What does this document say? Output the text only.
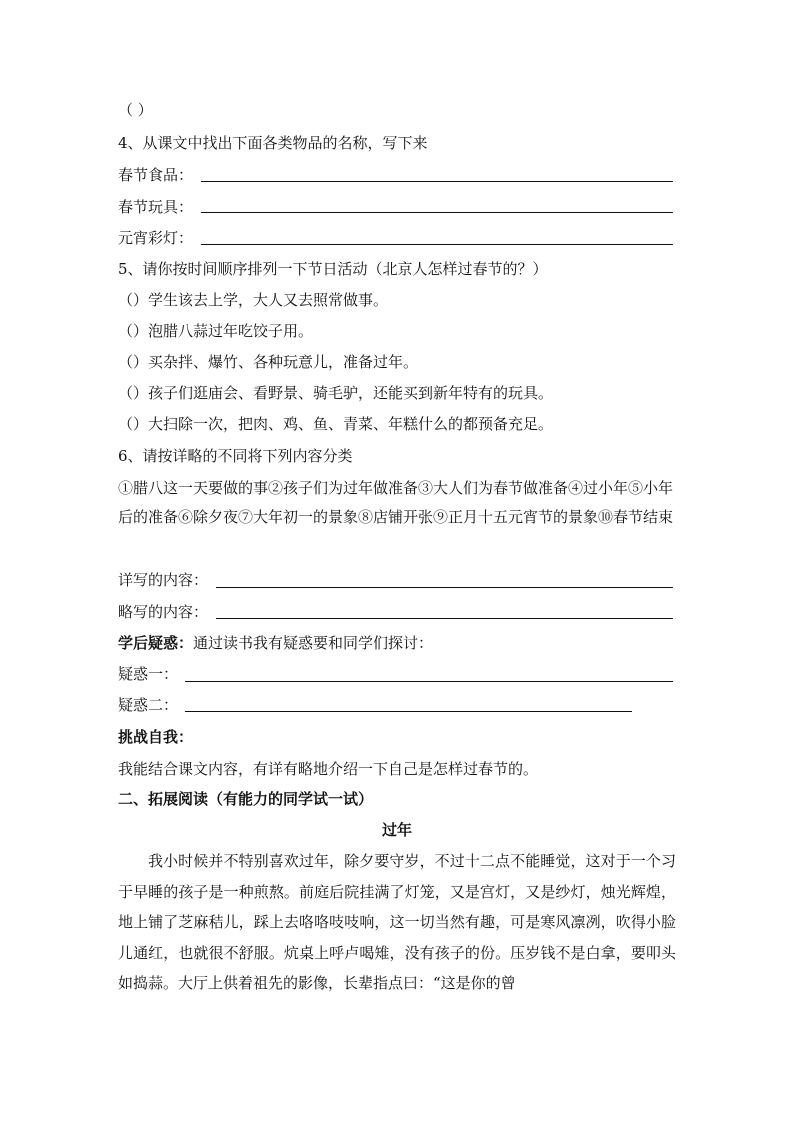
（ ）
4、从课文中找出下面各类物品的名称，写下来
春节食品：
春节玩具：
元宵彩灯：
5、请你按时间顺序排列一下节日活动（北京人怎样过春节的？）
（）学生该去上学，大人又去照常做事。
（）泡腊八蒜过年吃饺子用。
（）买杂拌、爆竹、各种玩意儿，准备过年。
（）孩子们逛庙会、看野景、骑毛驴，还能买到新年特有的玩具。
（）大扫除一次，把肉、鸡、鱼、青菜、年糕什么的都预备充足。
6、请按详略的不同将下列内容分类

①腊八这一天要做的事②孩子们为过年做准备③大人们为春节做准备④过小年⑤小年后的准备⑥除夕夜⑦大年初一的景象⑧店铺开张⑨正月十五元宵节的景象⑩春节结束

详写的内容：
略写的内容：
学后疑惑：通过读书我有疑惑要和同学们探讨：
疑惑一：
疑惑二：
挑战自我：
我能结合课文内容，有详有略地介绍一下自己是怎样过春节的。
二、拓展阅读（有能力的同学试一试）
过年

我小时候并不特别喜欢过年，除夕要守岁，不过十二点不能睡觉，这对于一个习于早睡的孩子是一种煎熬。前庭后院挂满了灯笼，又是宫灯，又是纱灯，烛光辉煌，地上铺了芝麻秸儿，踩上去咯咯吱吱响，这一切当然有趣，可是寒风凛冽，吹得小脸儿通红，也就很不舒服。炕桌上呼卢喝雉，没有孩子的份。压岁钱不是白拿，要叩头如捣蒜。大厅上供着祖先的影像，长辈指点曰：“这是你的曾
